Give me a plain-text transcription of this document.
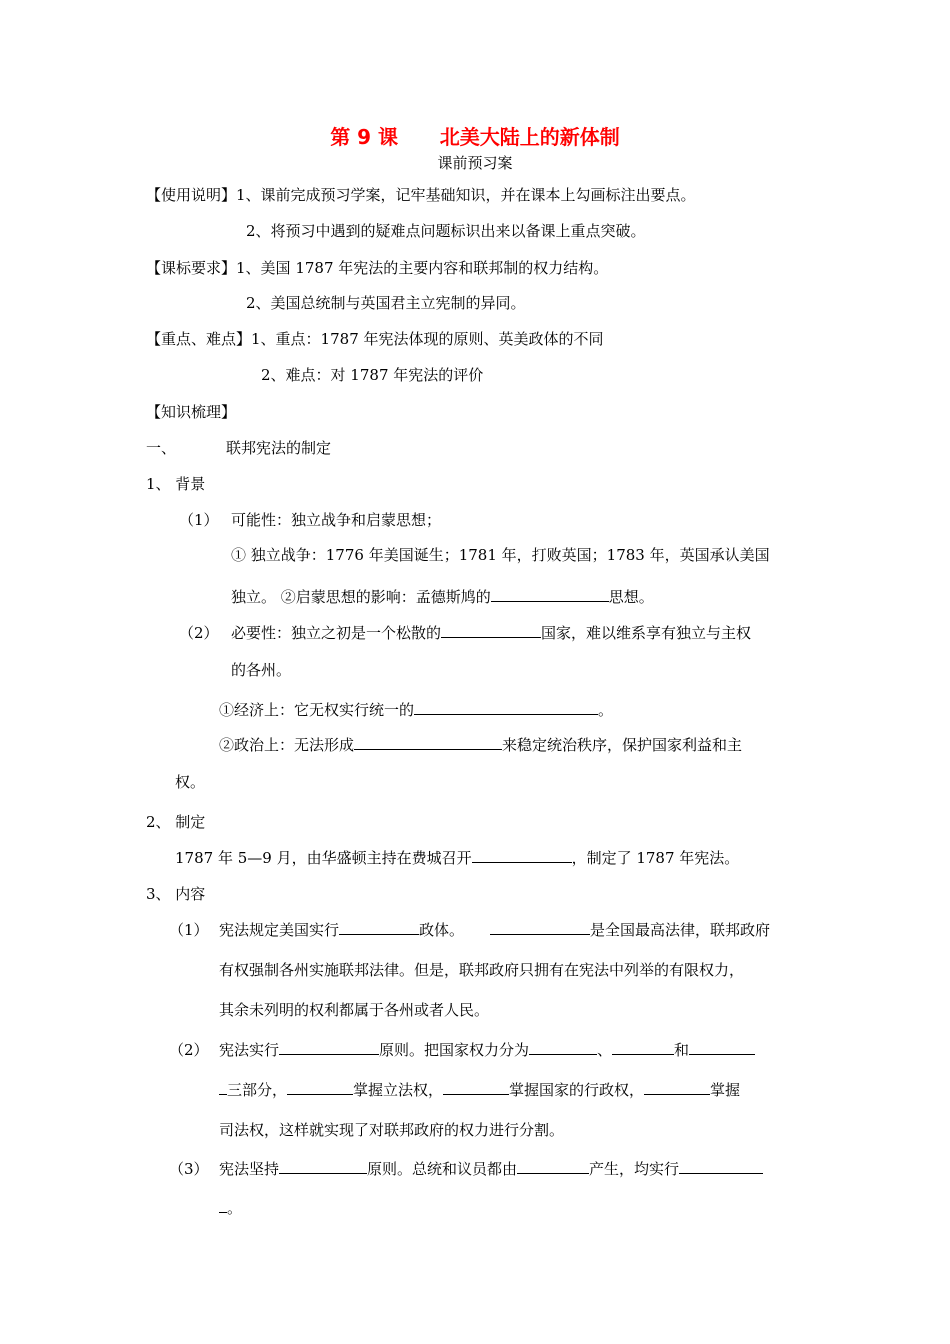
第 9 课      北美大陆上的新体制
课前预习案
【使用说明】1、课前完成预习学案，记牢基础知识，并在课本上勾画标注出要点。
2、将预习中遇到的疑难点问题标识出来以备课上重点突破。
【课标要求】1、美国 1787 年宪法的主要内容和联邦制的权力结构。
2、美国总统制与英国君主立宪制的异同。
【重点、难点】1、重点：1787 年宪法体现的原则、英美政体的不同
2、难点：对 1787 年宪法的评价
【知识梳理】
一、	联邦宪法的制定
1、 背景
（1） 可能性：独立战争和启蒙思想；
① 独立战争：1776 年美国诞生；1781 年，打败英国；1783 年，英国承认美国
独立。 ②启蒙思想的影响：孟德斯鸠的	思想。
（2） 必要性：独立之初是一个松散的	国家，难以维系享有独立与主权
的各州。
①经济上：它无权实行统一的	。
②政治上：无法形成	来稳定统治秩序，保护国家利益和主
权。
2、 制定
1787 年 5—9 月，由华盛顿主持在费城召开	，制定了 1787 年宪法。
3、 内容
（1） 宪法规定美国实行	政体。	是全国最高法律，联邦政府
有权强制各州实施联邦法律。但是，联邦政府只拥有在宪法中列举的有限权力，
其余未列明的权利都属于各州或者人民。
（2） 宪法实行	原则。把国家权力分为	、	和
三部分，	掌握立法权，	掌握国家的行政权，	掌握
司法权，这样就实现了对联邦政府的权力进行分割。
（3） 宪法坚持	原则。总统和议员都由	产生，均实行
。
